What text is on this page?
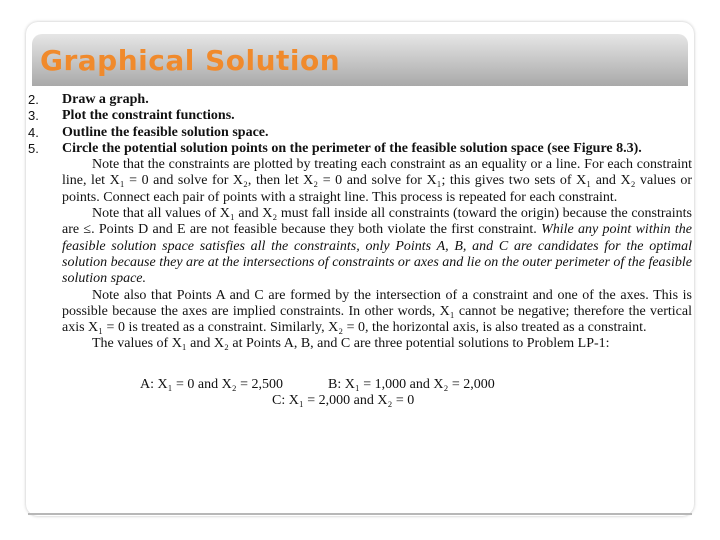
Graphical Solution
2.	Draw a graph.
3.	Plot the constraint functions.
4.	Outline the feasible solution space.
5.	Circle the potential solution points on the perimeter of the feasible solution space (see Figure 8.3).

Note that the constraints are plotted by treating each constraint as an equality or a line. For each constraint line, let X₁ = 0 and solve for X₂, then let X₂ = 0 and solve for X₁; this gives two sets of X₁ and X₂ values or points. Connect each pair of points with a straight line. This process is repeated for each constraint.

Note that all values of X₁ and X₂ must fall inside all constraints (toward the origin) because the constraints are ≤. Points D and E are not feasible because they both violate the first constraint. While any point within the feasible solution space satisfies all the constraints, only Points A, B, and C are candidates for the optimal solution because they are at the intersections of constraints or axes and lie on the outer perimeter of the feasible solution space.

Note also that Points A and C are formed by the intersection of a constraint and one of the axes. This is possible because the axes are implied constraints. In other words, X₁ cannot be negative; therefore the vertical axis X₁ = 0 is treated as a constraint. Similarly, X₂ = 0, the horizontal axis, is also treated as a constraint.

The values of X₁ and X₂ at Points A, B, and C are three potential solutions to Problem LP-1:

A: X₁ = 0 and X₂ = 2,500	B: X₁ = 1,000 and X₂ = 2,000
C: X₁ = 2,000 and X₂ = 0
